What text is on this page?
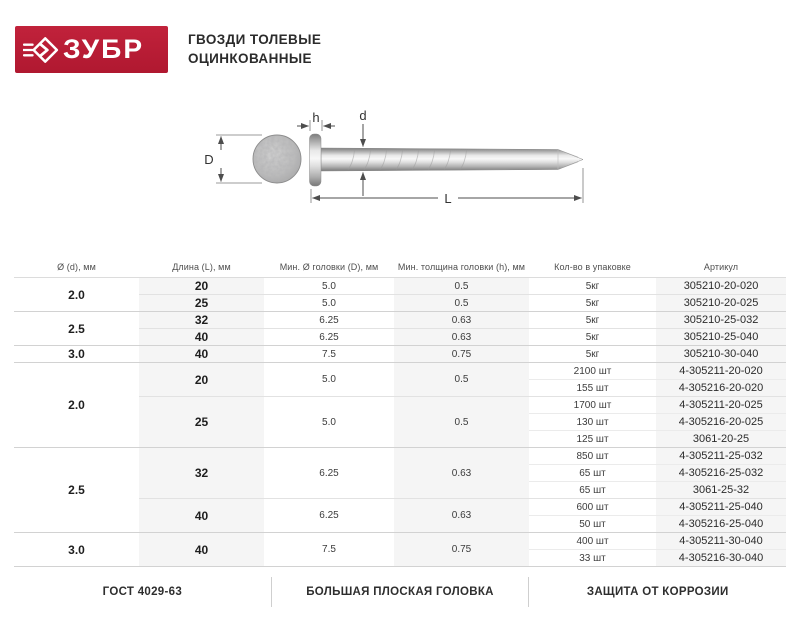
ЗУБР	ГВОЗДИ ТОЛЕВЫЕ
ОЦИНКОВАННЫЕ
D
h	d
L
Ø (d), мм	Длина (L), мм	Мин. Ø головки (D), мм	Мин. толщина головки (h), мм	Кол-во в упаковке	Артикул
2.0	20	5.0	0.5	5кг	305210-20-020
	25	5.0	0.5	5кг	305210-20-025
2.5	32	6.25	0.63	5кг	305210-25-032
	40	6.25	0.63	5кг	305210-25-040
3.0	40	7.5	0.75	5кг	305210-30-040
2.0	20	5.0	0.5	2100 шт	4-305211-20-020
				155 шт	4-305216-20-020
	25	5.0	0.5	1700 шт	4-305211-20-025
				130 шт	4-305216-20-025
				125 шт	3061-20-25
2.5	32	6.25	0.63	850 шт	4-305211-25-032
				65 шт	4-305216-25-032
				65 шт	3061-25-32
	40	6.25	0.63	600 шт	4-305211-25-040
				50 шт	4-305216-25-040
3.0	40	7.5	0.75	400 шт	4-305211-30-040
				33 шт	4-305216-30-040
ГОСТ 4029-63	БОЛЬШАЯ ПЛОСКАЯ ГОЛОВКА	ЗАЩИТА ОТ КОРРОЗИИ
